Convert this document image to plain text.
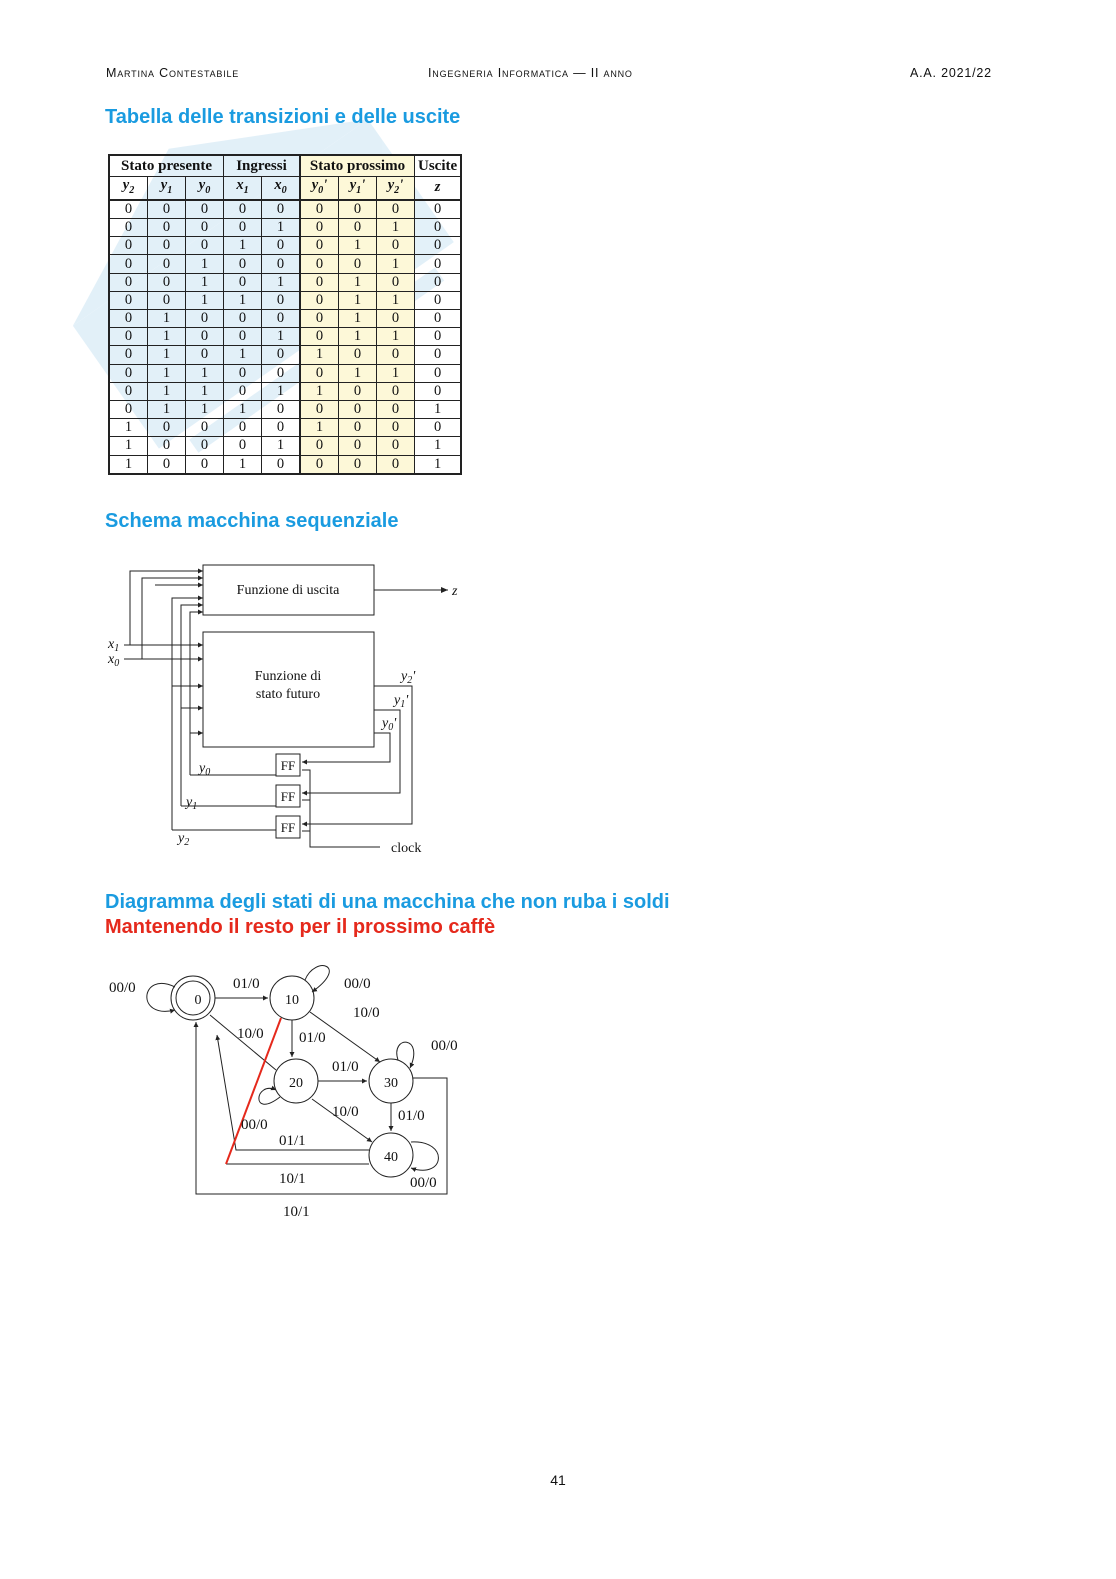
Martina Contestabile	Ingegneria Informatica — II anno	A.A. 2021/22
Tabella delle transizioni e delle uscite
Schema macchina sequenziale
Diagramma degli stati di una macchina che non ruba i soldi
Mantenendo il resto per il prossimo caffè
Stato presente			Ingressi		Stato prossimo			Uscite
$y_2$	$y_1$	$y_0$	$x_1$	$x_0$	$y_0'$	$y_1'$	$y_2'$	z
0	0	0	0	0	0	0	0	0
0	0	0	0	1	0	0	1	0
0	0	0	1	0	0	1	0	0
0	0	1	0	0	0	0	1	0
0	0	1	0	1	0	1	0	0
0	0	1	1	0	0	1	1	0
0	1	0	0	0	0	1	0	0
0	1	0	0	1	0	1	1	0
0	1	0	1	0	1	0	0	0
0	1	1	0	0	0	1	1	0
0	1	1	0	1	1	0	0	0
0	1	1	1	0	0	0	0	1
1	0	0	0	0	1	0	0	0
1	0	0	0	1	0	0	0	1
1	0	0	1	0	0	0	0	1
Funzione di uscita
Funzione di
stato futuro
FF
FF
FF
clock
z
$x_1$
$x_0$
$y_0$
$y_1$
$y_2$
$y_2'$
$y_1'$
$y_0'$
0	10
20	30
40
00/0	01/0	00/0
10/0
01/0
10/0
00/0
01/0
10/0
00/0
01/0
00/0
01/1
10/1
10/1
41
